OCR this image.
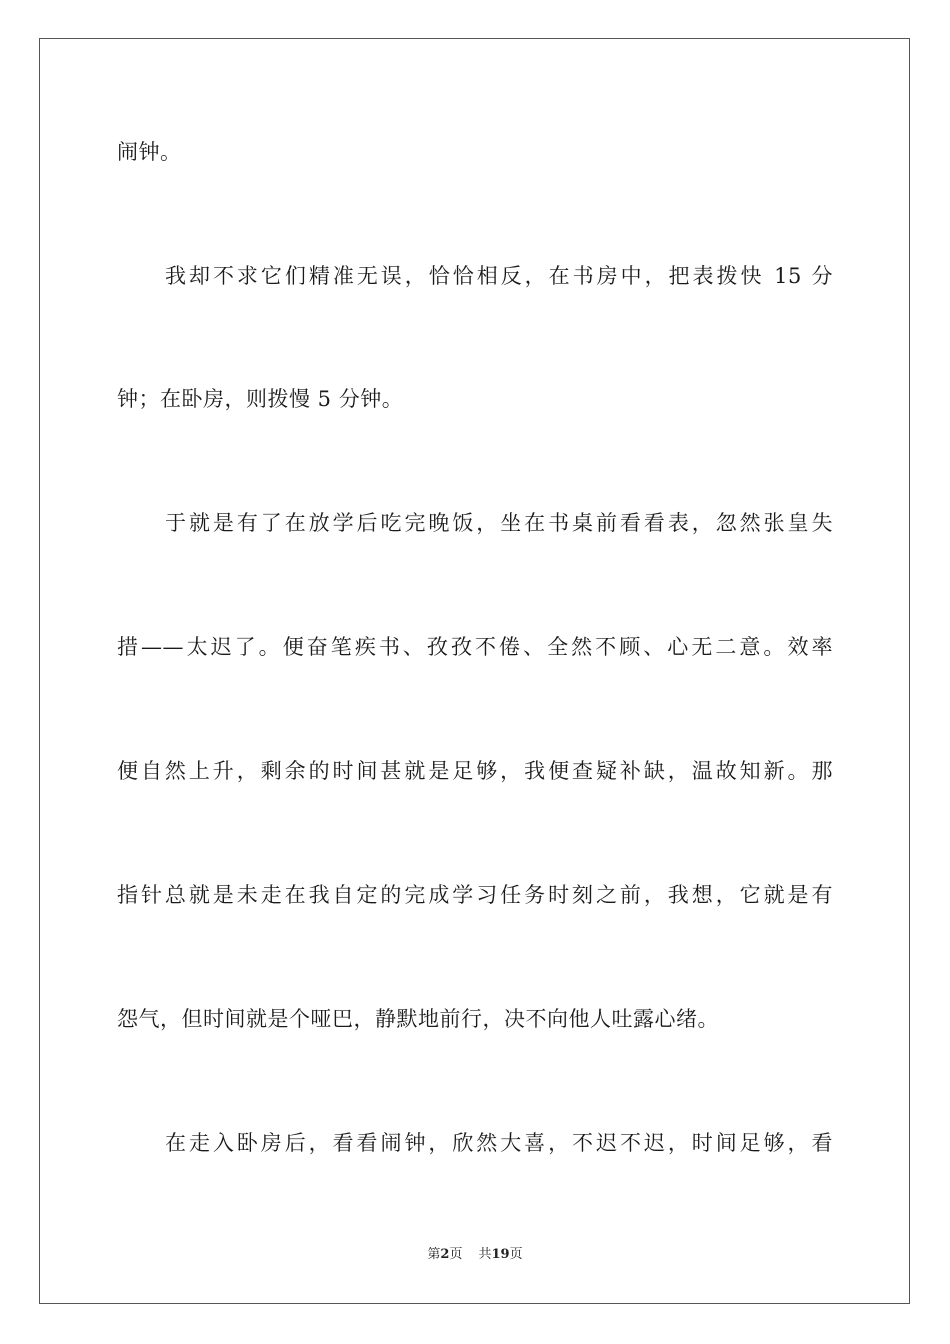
闹钟。
我却不求它们精准无误，恰恰相反，在书房中，把表拨快 15 分
钟；在卧房，则拨慢 5 分钟。
于就是有了在放学后吃完晚饭，坐在书桌前看看表，忽然张皇失
措——太迟了。便奋笔疾书、孜孜不倦、全然不顾、心无二意。效率
便自然上升，剩余的时间甚就是足够，我便查疑补缺，温故知新。那
指针总就是未走在我自定的完成学习任务时刻之前，我想，它就是有
怨气，但时间就是个哑巴，静默地前行，决不向他人吐露心绪。
在走入卧房后，看看闹钟，欣然大喜，不迟不迟，时间足够，看
第2页 共19页
